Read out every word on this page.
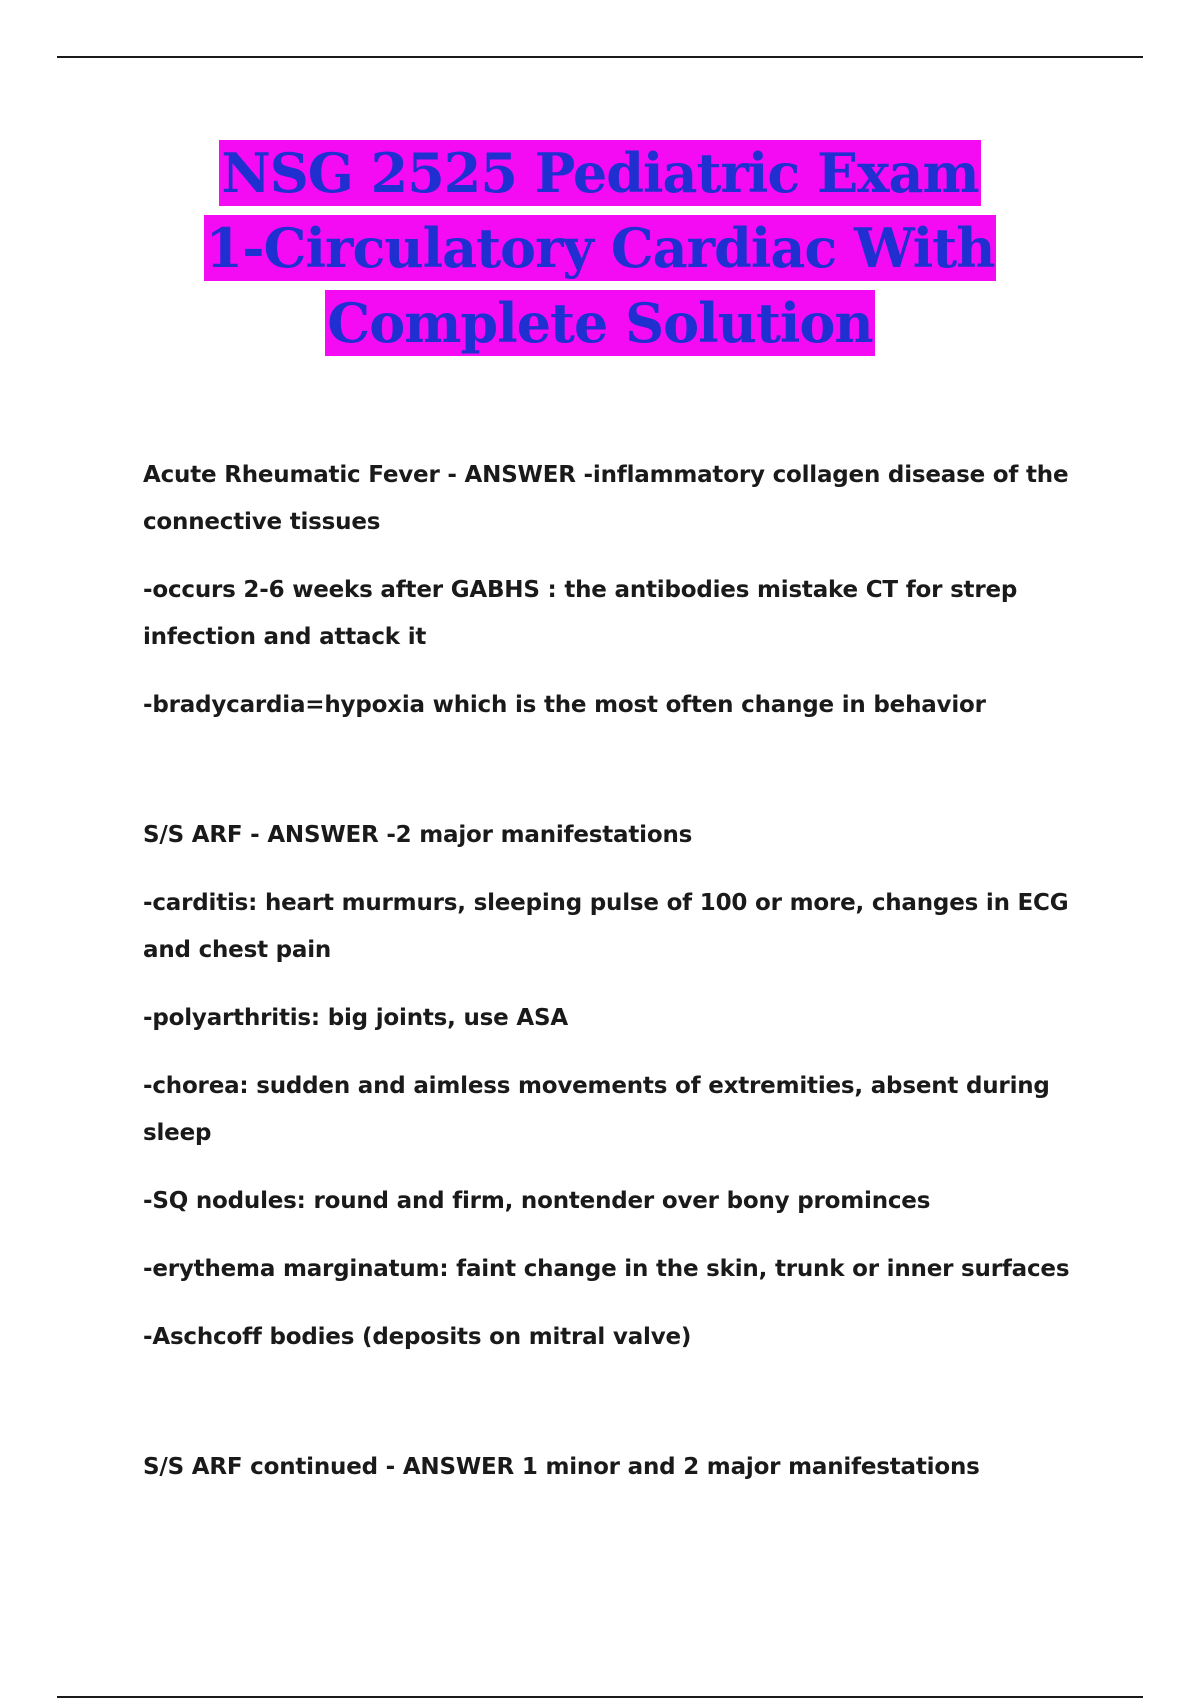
NSG 2525 Pediatric Exam
1-Circulatory Cardiac With
Complete Solution

Acute Rheumatic Fever - ANSWER -inflammatory collagen disease of the connective tissues

-occurs 2-6 weeks after GABHS : the antibodies mistake CT for strep infection and attack it

-bradycardia=hypoxia which is the most often change in behavior

S/S ARF - ANSWER -2 major manifestations

-carditis: heart murmurs, sleeping pulse of 100 or more, changes in ECG and chest pain

-polyarthritis: big joints, use ASA

-chorea: sudden and aimless movements of extremities, absent during sleep

-SQ nodules: round and firm, nontender over bony prominces

-erythema marginatum: faint change in the skin, trunk or inner surfaces

-Aschcoff bodies (deposits on mitral valve)

S/S ARF continued - ANSWER 1 minor and 2 major manifestations
